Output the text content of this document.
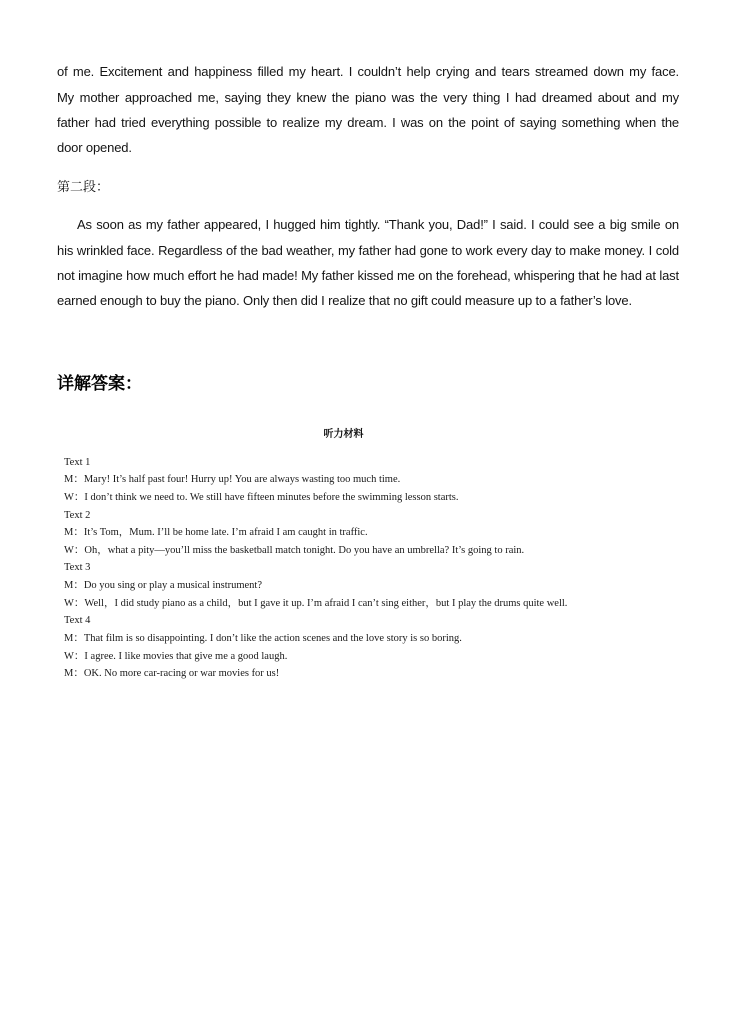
of me. Excitement and happiness filled my heart. I couldn’t help crying and tears streamed down my face.
My mother approached me, saying they knew the piano was the very thing I had dreamed about and my
father had tried everything possible to realize my dream. I was on the point of saying something when the
door opened.
第二段：
As soon as my father appeared, I hugged him tightly. “Thank you, Dad!” I said. I could see a big smile on
his wrinkled face. Regardless of the bad weather, my father had gone to work every day to make money. I cold
not imagine how much effort he had made! My father kissed me on the forehead, whispering that he had at last
earned enough to buy the piano. Only then did I realize that no gift could measure up to a father’s love.
详解答案：
听力材料
Text 1
M：Mary! It’s half past four! Hurry up! You are always wasting too much time.
W：I don’t think we need to. We still have fifteen minutes before the swimming lesson starts.
Text 2
M：It’s Tom，Mum. I’ll be home late. I’m afraid I am caught in traffic.
W：Oh，what a pity—you’ll miss the basketball match tonight. Do you have an umbrella? It’s going to rain.
Text 3
M：Do you sing or play a musical instrument?
W：Well，I did study piano as a child，but I gave it up. I’m afraid I can’t sing either，but I play the drums quite well.
Text 4
M：That film is so disappointing. I don’t like the action scenes and the love story is so boring.
W：I agree. I like movies that give me a good laugh.
M：OK. No more car-racing or war movies for us!
